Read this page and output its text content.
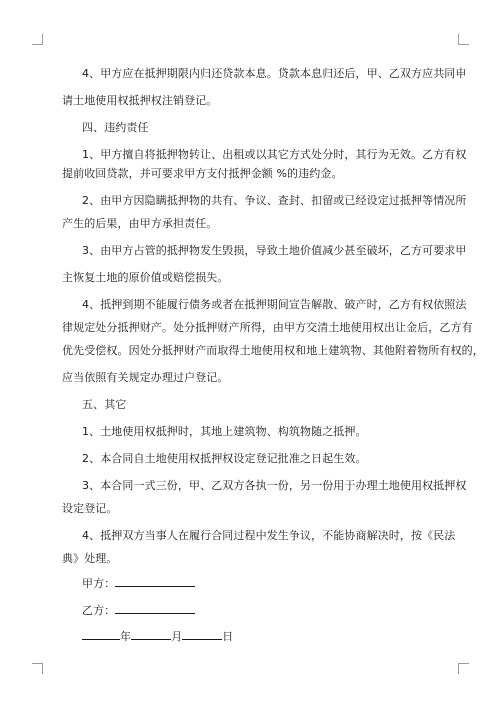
4、甲方应在抵押期限内归还贷款本息。贷款本息归还后，甲、乙双方应共同申
请土地使用权抵押权注销登记。
四、违约责任
1、甲方擅自将抵押物转让、出租或以其它方式处分时，其行为无效。乙方有权
提前收回贷款，并可要求甲方支付抵押金额 %的违约金。
2、由甲方因隐瞒抵押物的共有、争议、查封、扣留或已经设定过抵押等情况所
产生的后果，由甲方承担责任。
3、由甲方占管的抵押物发生毁损，导致土地价值减少甚至破坏，乙方可要求甲
主恢复土地的原价值或赔偿损失。
4、抵押到期不能履行债务或者在抵押期间宣告解散、破产时，乙方有权依照法
律规定处分抵押财产。处分抵押财产所得，由甲方交清土地使用权出让金后，乙方有
优先受偿权。因处分抵押财产而取得土地使用权和地上建筑物、其他附着物所有权的，
应当依照有关规定办理过户登记。
五、其它
1、土地使用权抵押时，其地上建筑物、构筑物随之抵押。
2、本合同自土地使用权抵押权设定登记批准之日起生效。
3、本合同一式三份，甲、乙双方各执一份，另一份用于办理土地使用权抵押权
设定登记。
4、抵押双方当事人在履行合同过程中发生争议，不能协商解决时，按《民法
典》处理。
甲方：
乙方：
年	月	日
